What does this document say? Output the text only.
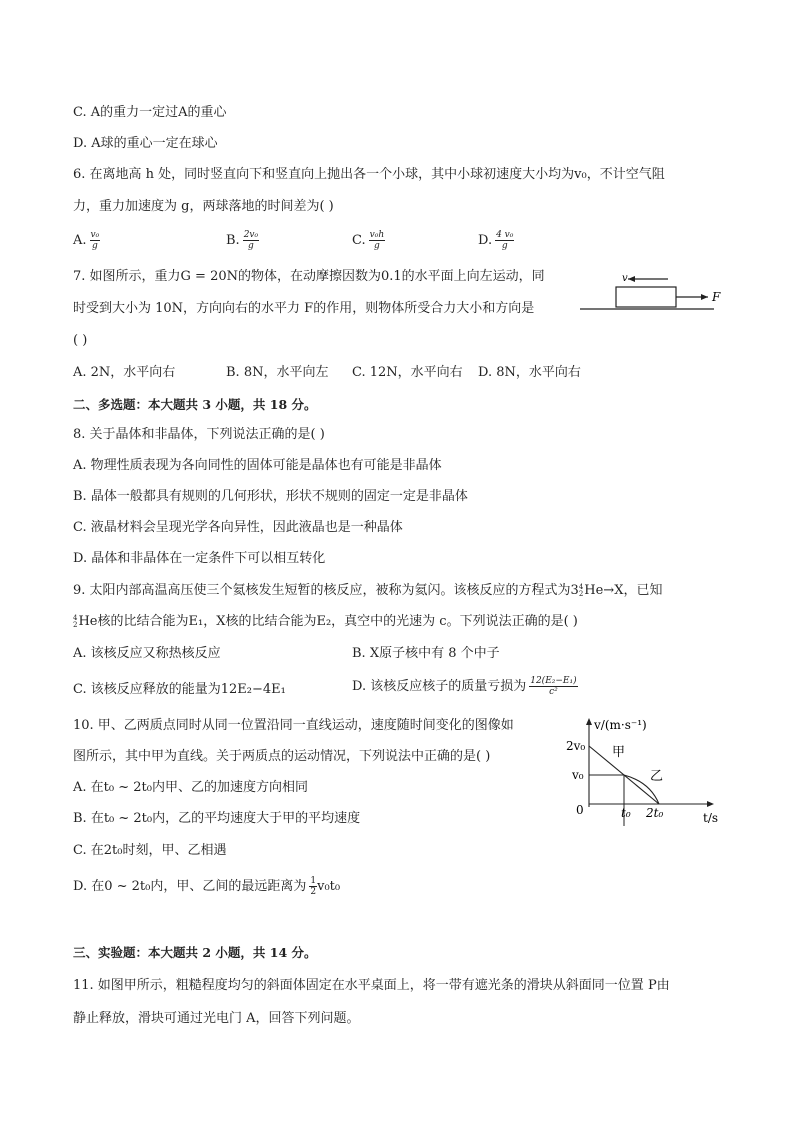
C. A的重力一定过A的重心
D. A球的重心一定在球心
6. 在离地高 h 处，同时竖直向下和竖直向上抛出各一个小球，其中小球初速度大小均为v₀，不计空气阻
力，重力加速度为 g，两球落地的时间差为( )
A. $\frac{\text{v₀}}{g}$	B. $\frac{\text{2v₀}}{g}$	C. $\frac{\text{v₀h}}{g}$	D. $\frac{\text{4 v₀}}{g}$
7. 如图所示，重力G = 20N的物体，在动摩擦因数为0.1的水平面上向左运动，同
时受到大小为 10N，方向向右的水平力 F的作用，则物体所受合力大小和方向是
( )
F
v
A. 2N，水平向右	B. 8N，水平向左 C. 12N，水平向右 D. 8N，水平向右
二、多选题：本大题共 3 小题，共 18 分。
8. 关于晶体和非晶体，下列说法正确的是( )
A. 物理性质表现为各向同性的固体可能是晶体也有可能是非晶体
B. 晶体一般都具有规则的几何形状，形状不规则的固定一定是非晶体
C. 液晶材料会呈现光学各向异性，因此液晶也是一种晶体
D. 晶体和非晶体在一定条件下可以相互转化
9. 太阳内部高温高压使三个氦核发生短暂的核反应，被称为氦闪。该核反应的方程式为3 4
2 He→X，已知
4
2 He核的比结合能为E₁，X核的比结合能为E₂，真空中的光速为 c。下列说法正确的是( )
A. 该核反应又称热核反应	B. X原子核中有 8 个中子
C. 该核反应释放的能量为12E₂−4E₁	D. 该核反应核子的质量亏损为 $\frac{\text{12(E₂−E₁)}}{\text{c²}}$
10. 甲、乙两质点同时从同一位置沿同一直线运动，速度随时间变化的图像如
图所示，其中甲为直线。关于两质点的运动情况，下列说法中正确的是( )
A. 在t₀ ~ 2t₀内甲、乙的加速度方向相同
B. 在t₀ ~ 2t₀内，乙的平均速度大于甲的平均速度
C. 在2t₀时刻，甲、乙相遇
D. 在0 ~ 2t₀内，甲、乙间的最远距离为 $\frac{1}{2} v_0t_0$
v/(m·s⁻¹)
2v₀
v₀
0
甲
乙
t₀ 2t₀	t/s
三、实验题：本大题共 2 小题，共 14 分。
11. 如图甲所示，粗糙程度均匀的斜面体固定在水平桌面上，将一带有遮光条的滑块从斜面同一位置 P由
静止释放，滑块可通过光电门 A，回答下列问题。
